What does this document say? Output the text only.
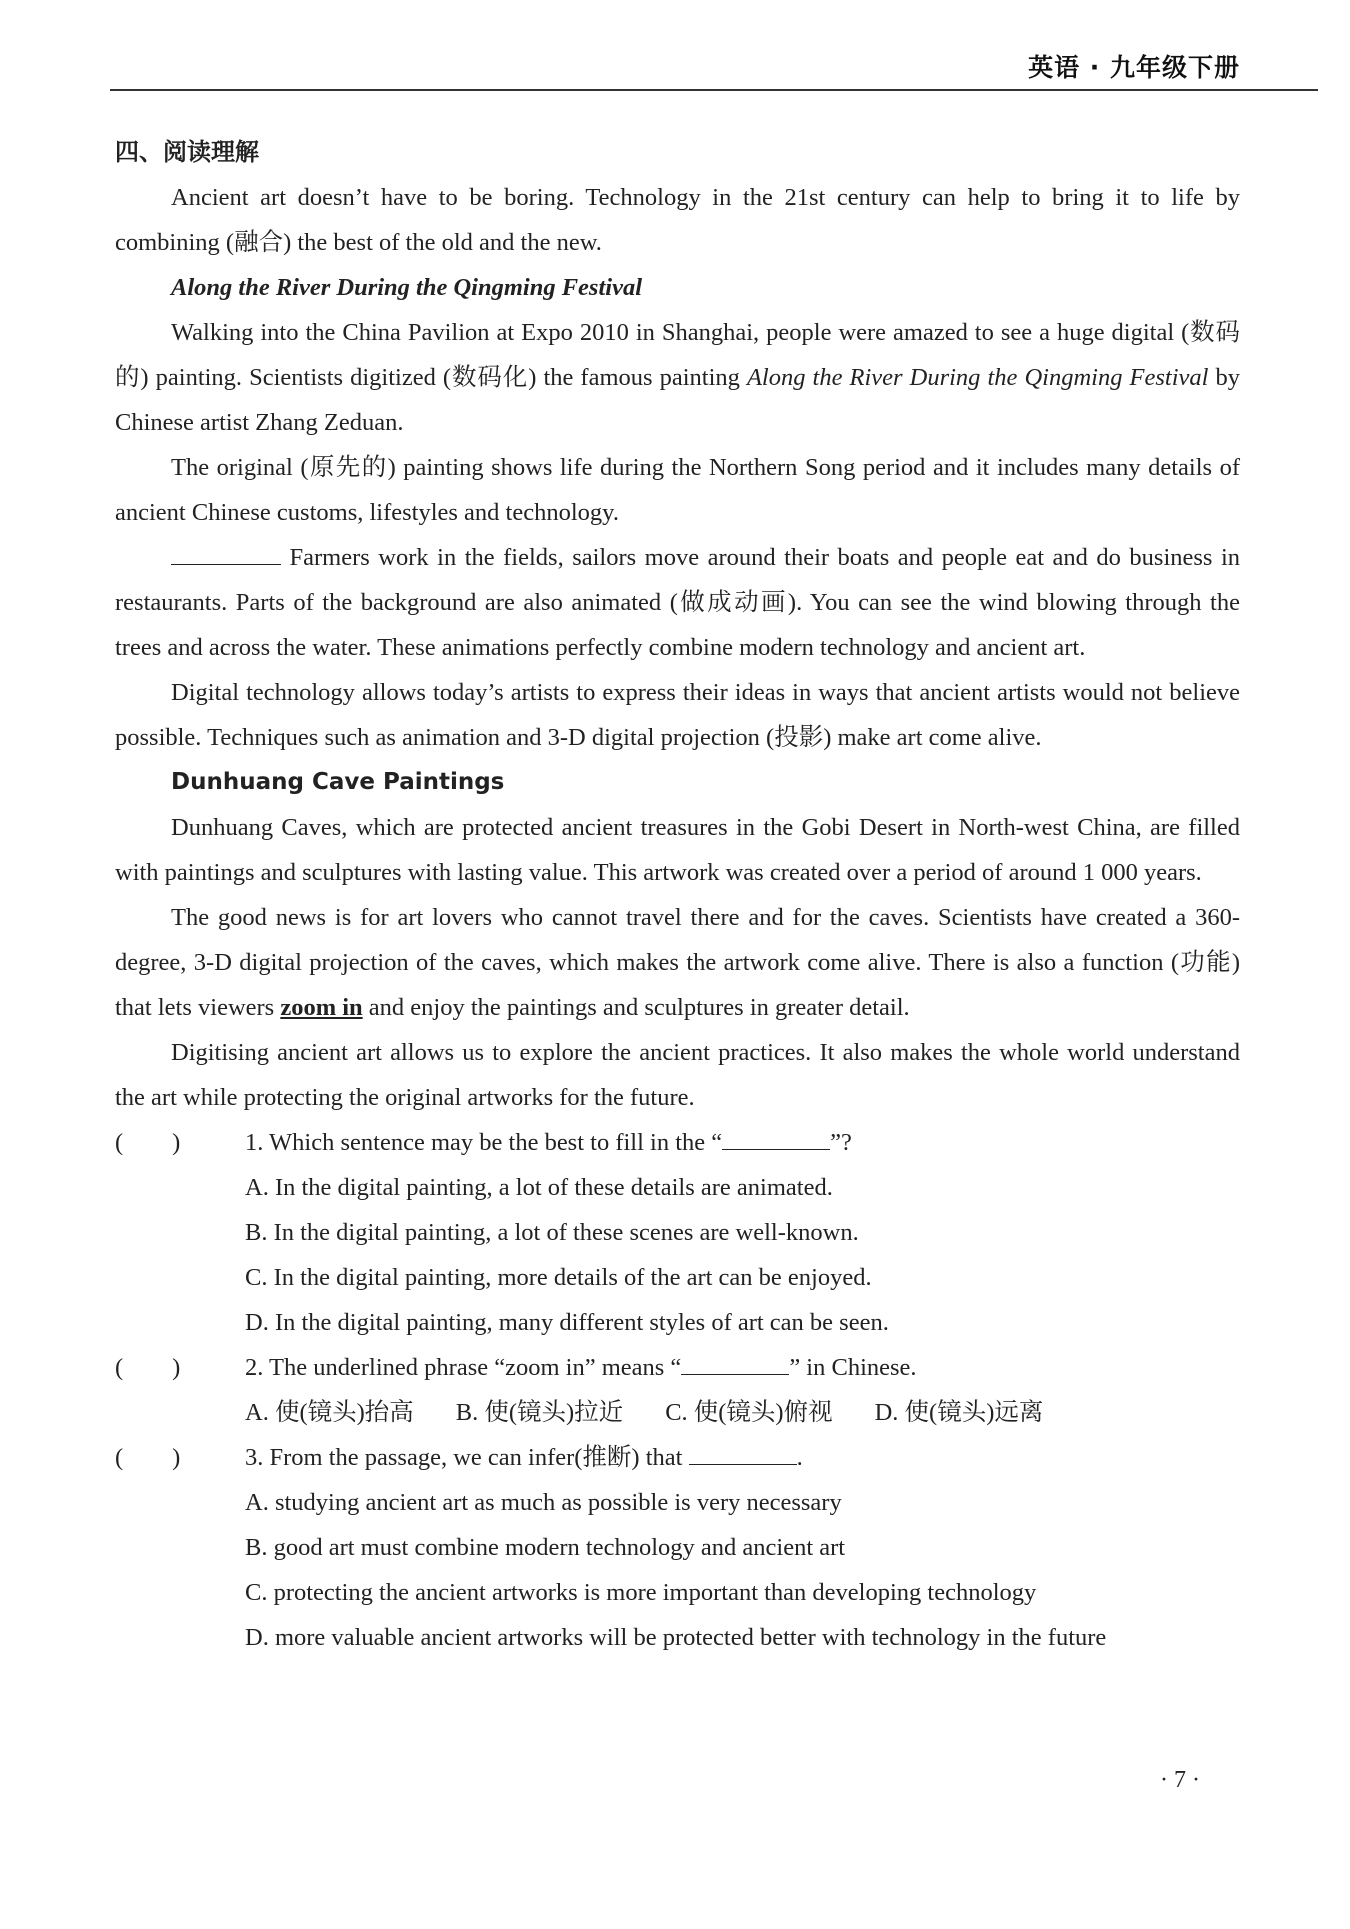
英语 · 九年级下册

四、阅读理解

Ancient art doesn’t have to be boring. Technology in the 21st century can help to bring it to life by combining (融合) the best of the old and the new.

Along the River During the Qingming Festival

Walking into the China Pavilion at Expo 2010 in Shanghai, people were amazed to see a huge digital (数码的) painting. Scientists digitized (数码化) the famous painting Along the River During the Qingming Festival by Chinese artist Zhang Zeduan.

The original (原先的) painting shows life during the Northern Song period and it includes many details of ancient Chinese customs, lifestyles and technology.

Farmers work in the fields, sailors move around their boats and people eat and do business in restaurants. Parts of the background are also animated (做成动画). You can see the wind blowing through the trees and across the water. These animations perfectly combine modern technology and ancient art.

Digital technology allows today’s artists to express their ideas in ways that ancient artists would not believe possible. Techniques such as animation and 3-D digital projection (投影) make art come alive.

Dunhuang Cave Paintings

Dunhuang Caves, which are protected ancient treasures in the Gobi Desert in North-west China, are filled with paintings and sculptures with lasting value. This artwork was created over a period of around 1 000 years.

The good news is for art lovers who cannot travel there and for the caves. Scientists have created a 360-degree, 3-D digital projection of the caves, which makes the artwork come alive. There is also a function (功能) that lets viewers zoom in and enjoy the paintings and sculptures in greater detail.

Digitising ancient art allows us to explore the ancient practices. It also makes the whole world understand the art while protecting the original artworks for the future.

(　　)	1. Which sentence may be the best to fill in the “	”?

A. In the digital painting, a lot of these details are animated.

B. In the digital painting, a lot of these scenes are well-known.

C. In the digital painting, more details of the art can be enjoyed.

D. In the digital painting, many different styles of art can be seen.

(　　)	2. The underlined phrase “zoom in” means “	” in Chinese.
A. 使(镜头)抬高 B. 使(镜头)拉近 C. 使(镜头)俯视 D. 使(镜头)远离
(　　)	3. From the passage, we can infer(推断) that	.

A. studying ancient art as much as possible is very necessary

B. good art must combine modern technology and ancient art

C. protecting the ancient artworks is more important than developing technology

D. more valuable ancient artworks will be protected better with technology in the future

· 7 ·
